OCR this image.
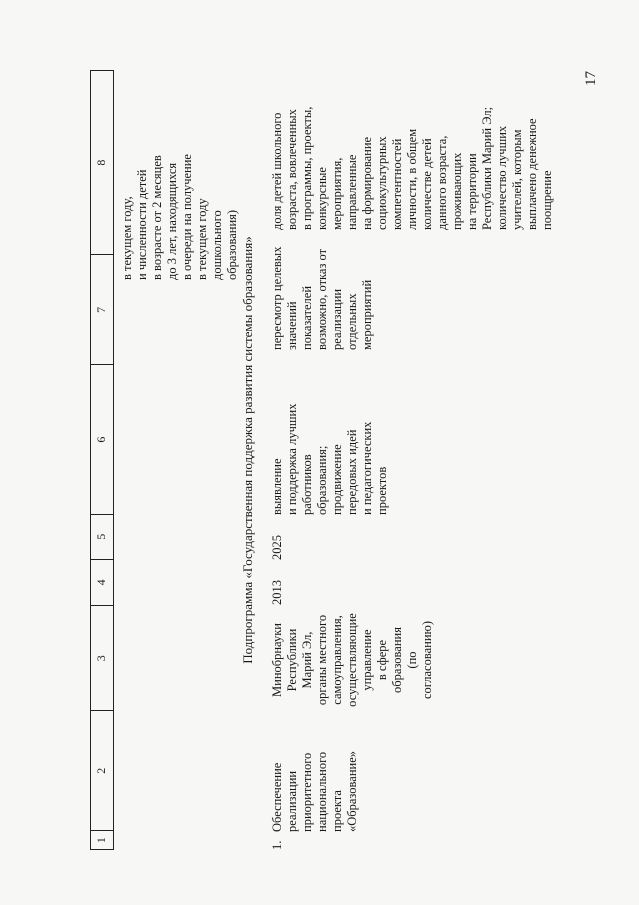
17
1
2
3
4
5
6
7
8
в текущем году, и численности детей в возрасте от 2 месяцев до 3 лет, находящихся в очереди на получение в текущем году дошкольного образования) Подпрограмма «Государственная поддержка развития системы образования»
1.
Обеспечение реализации приоритетного национального проекта «Образование»
Минобрнауки Республики Марий Эл, органы местного самоуправления, осуществляющие управление в сфере образования (по согласованию)
2013
2025
выявление и поддержка лучших работников образования; продвижение передовых идей и педагогических проектов
пересмотр целевых значений показателей возможно, отказ от реализации отдельных мероприятий
доля детей школьного возраста, вовлеченных в программы, проекты, конкурсные мероприятия, направленные на формирование социокультурных компетентностей личности, в общем количестве детей данного возраста, проживающих на территории Республики Марий Эл; количество лучших учителей, которым выплачено денежное поощрение
